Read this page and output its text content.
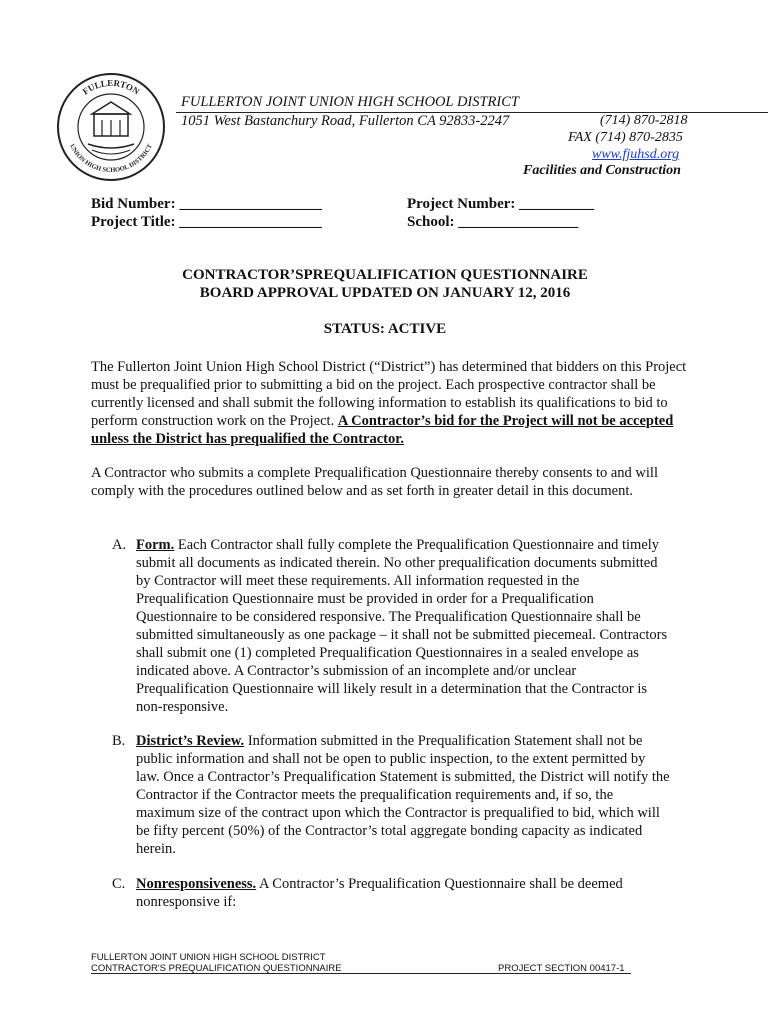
FULLERTON
UNION HIGH SCHOOL DISTRICT
FULLERTON JOINT UNION HIGH SCHOOL DISTRICT
1051 West Bastanchury Road, Fullerton CA 92833-2247	(714) 870-2818
FAX (714) 870-2835
www.fjuhsd.org
Facilities and Construction
Bid Number: ___________________
Project Title: ___________________
Project Number: __________
School: ________________
CONTRACTOR’SPREQUALIFICATION QUESTIONNAIRE
BOARD APPROVAL UPDATED ON JANUARY 12, 2016
STATUS: ACTIVE
The Fullerton Joint Union High School District (“District”) has determined that bidders on this Project must be prequalified prior to submitting a bid on the project. Each prospective contractor shall be currently licensed and shall submit the following information to establish its qualifications to bid to perform construction work on the Project. A Contractor’s bid for the Project will not be accepted unless the District has prequalified the Contractor.
A Contractor who submits a complete Prequalification Questionnaire thereby consents to and will comply with the procedures outlined below and as set forth in greater detail in this document.
A. Form. Each Contractor shall fully complete the Prequalification Questionnaire and timely submit all documents as indicated therein. No other prequalification documents submitted by Contractor will meet these requirements. All information requested in the Prequalification Questionnaire must be provided in order for a Prequalification Questionnaire to be considered responsive. The Prequalification Questionnaire shall be submitted simultaneously as one package – it shall not be submitted piecemeal. Contractors shall submit one (1) completed Prequalification Questionnaires in a sealed envelope as indicated above. A Contractor’s submission of an incomplete and/or unclear Prequalification Questionnaire will likely result in a determination that the Contractor is non-responsive.
B. District’s Review. Information submitted in the Prequalification Statement shall not be public information and shall not be open to public inspection, to the extent permitted by law. Once a Contractor’s Prequalification Statement is submitted, the District will notify the Contractor if the Contractor meets the prequalification requirements and, if so, the maximum size of the contract upon which the Contractor is prequalified to bid, which will be fifty percent (50%) of the Contractor’s total aggregate bonding capacity as indicated herein.
C. Nonresponsiveness. A Contractor’s Prequalification Questionnaire shall be deemed nonresponsive if:
FULLERTON JOINT UNION HIGH SCHOOL DISTRICT
CONTRACTOR'S PREQUALIFICATION QUESTIONNAIRE	PROJECT SECTION 00417-1
